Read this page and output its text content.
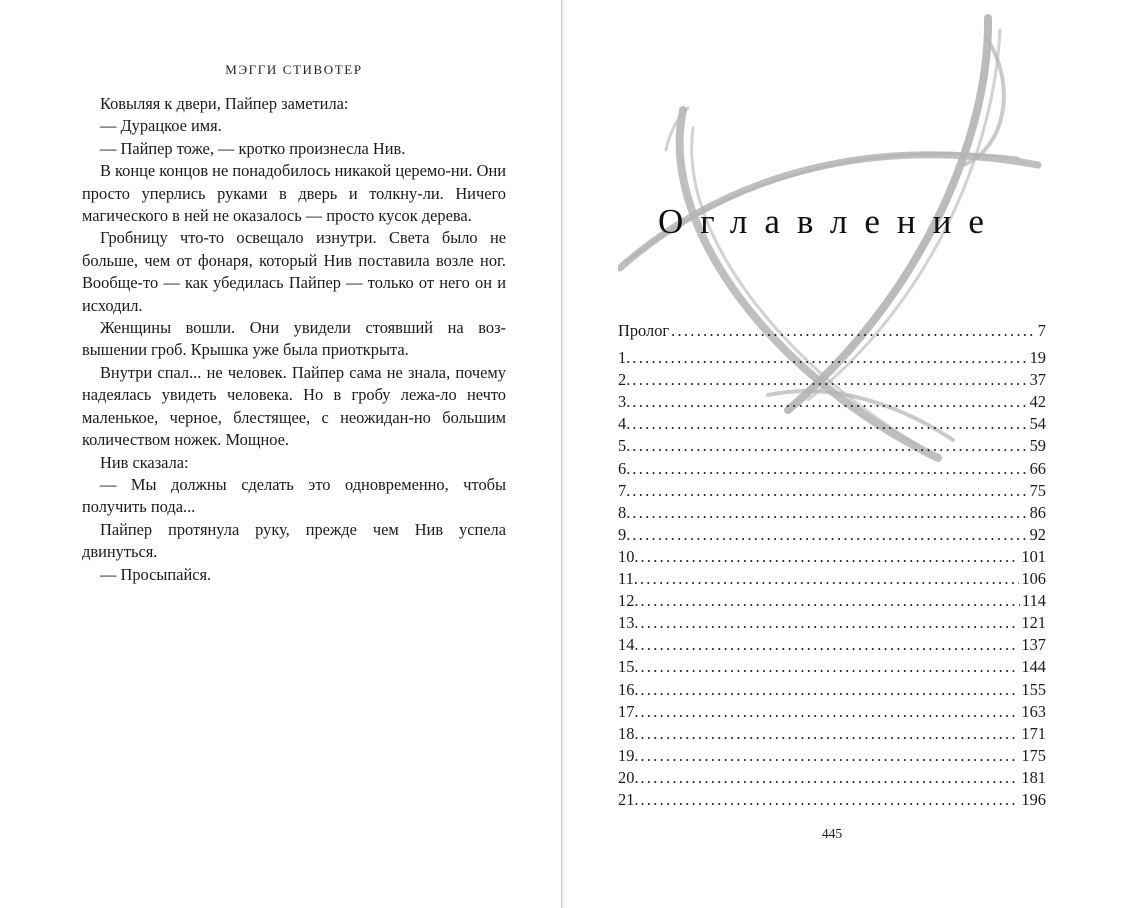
МЭГГИ СТИВОТЕР

Ковыляя к двери, Пайпер заметила:

— Дурацкое имя.

— Пайпер тоже, — кротко произнесла Нив.

В конце концов не понадобилось никакой церемо-ни. Они просто уперлись руками в дверь и толкну-ли. Ничего магического в ней не оказалось — просто кусок дерева.

Гробницу что-то освещало изнутри. Света было не больше, чем от фонаря, который Нив поставила возле ног. Вообще-то — как убедилась Пайпер — только от него он и исходил.

Женщины вошли. Они увидели стоявший на воз-вышении гроб. Крышка уже была приоткрыта.

Внутри спал... не человек. Пайпер сама не знала, почему надеялась увидеть человека. Но в гробу лежа-ло нечто маленькое, черное, блестящее, с неожидан-но большим количеством ножек. Мощное.

Нив сказала:

— Мы должны сделать это одновременно, чтобы получить пода...

Пайпер протянула руку, прежде чем Нив успела двинуться.

— Просыпайся.

Оглавление
Пролог . . .	7
1. . . .	19
2. . . .	37
3. . . .	42
4. . . .	54
5. . . .	59
6. . . .	66
7. . . .	75
8. . . .	86
9. . . .	92
10. . . .	101
11. . . .	106
12. . . .	114
13. . . .	121
14. . . .	137
15. . . .	144
16. . . .	155
17. . . .	163
18. . . .	171
19. . . .	175
20. . . .	181
21. . . .	196
445
